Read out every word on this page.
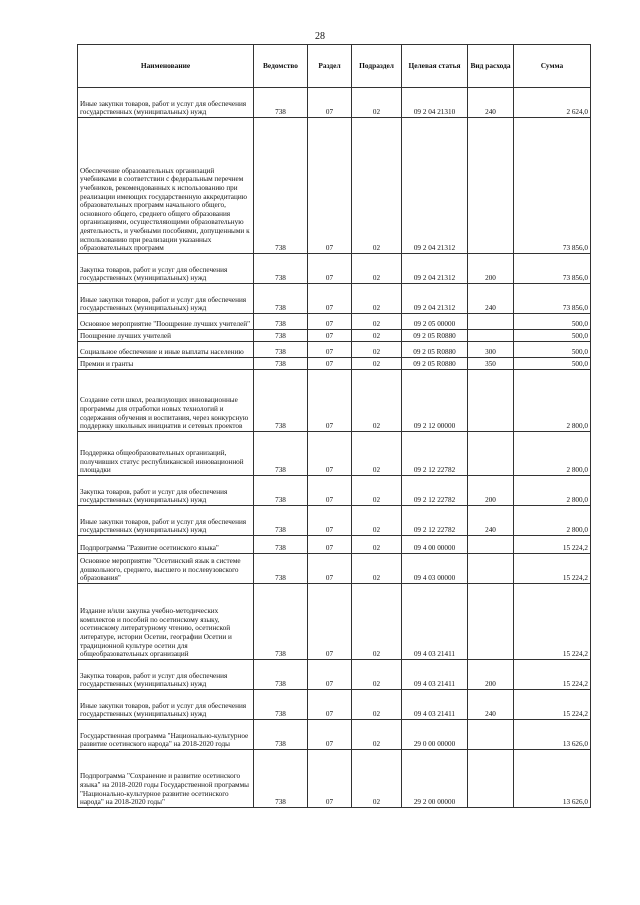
28
Наименование	Ведомство	Раздел	Подраздел	Целевая статья	Вид расхода	Сумма
Иные закупки товаров, работ и услуг для обеспечения государственных (муниципальных) нужд	738	07	02	09 2 04 21310	240	2 624,0
Обеспечение образовательных организаций учебниками в соответствии с федеральным перечнем учебников, рекомендованных к использованию при реализации имеющих государственную аккредитацию образовательных программ начального общего, основного общего, среднего общего образования организациями, осуществляющими образовательную деятельность, и учебными пособиями, допущенными к использованию при реализации указанных образовательных программ	738	07	02	09 2 04 21312		73 856,0
Закупка товаров, работ и услуг для обеспечения государственных (муниципальных) нужд	738	07	02	09 2 04 21312	200	73 856,0
Иные закупки товаров, работ и услуг для обеспечения государственных (муниципальных) нужд	738	07	02	09 2 04 21312	240	73 856,0
Основное мероприятие "Поощрение лучших учителей"	738	07	02	09 2 05 00000		500,0
Поощрение лучших учителей	738	07	02	09 2 05 R0880		500,0
Социальное обеспечение и иные выплаты населению	738	07	02	09 2 05 R0880	300	500,0
Премии и гранты	738	07	02	09 2 05 R0880	350	500,0
Создание сети школ, реализующих инновационные программы для отработки новых технологий и содержания обучения и воспитания, через конкурсную поддержку школьных инициатив и сетевых проектов	738	07	02	09 2 12 00000		2 800,0
Поддержка общеобразовательных организаций, получивших статус республиканской инновационной площадки	738	07	02	09 2 12 22782		2 800,0
Закупка товаров, работ и услуг для обеспечения государственных (муниципальных) нужд	738	07	02	09 2 12 22782	200	2 800,0
Иные закупки товаров, работ и услуг для обеспечения государственных (муниципальных) нужд	738	07	02	09 2 12 22782	240	2 800,0
Подпрограмма "Развитие осетинского языка"	738	07	02	09 4 00 00000		15 224,2
Основное мероприятие "Осетинский язык в системе дошкольного, среднего, высшего и послевузовского образования"	738	07	02	09 4 03 00000		15 224,2
Издание и/или закупка учебно-методических комплектов и пособий по осетинскому языку, осетинскому литературному чтению, осетинской литературе, истории Осетии, географии Осетии и традиционной культуре осетин для общеобразовательных организаций	738	07	02	09 4 03 21411		15 224,2
Закупка товаров, работ и услуг для обеспечения государственных (муниципальных) нужд	738	07	02	09 4 03 21411	200	15 224,2
Иные закупки товаров, работ и услуг для обеспечения государственных (муниципальных) нужд	738	07	02	09 4 03 21411	240	15 224,2
Государственная программа "Национально-культурное развитие осетинского народа" на 2018-2020 годы	738	07	02	29 0 00 00000		13 626,0
Подпрограмма "Сохранение и развитие осетинского языка" на 2018-2020 годы Государственной программы "Национально-культурное развитие осетинского народа" на 2018-2020 годы"	738	07	02	29 2 00 00000		13 626,0
